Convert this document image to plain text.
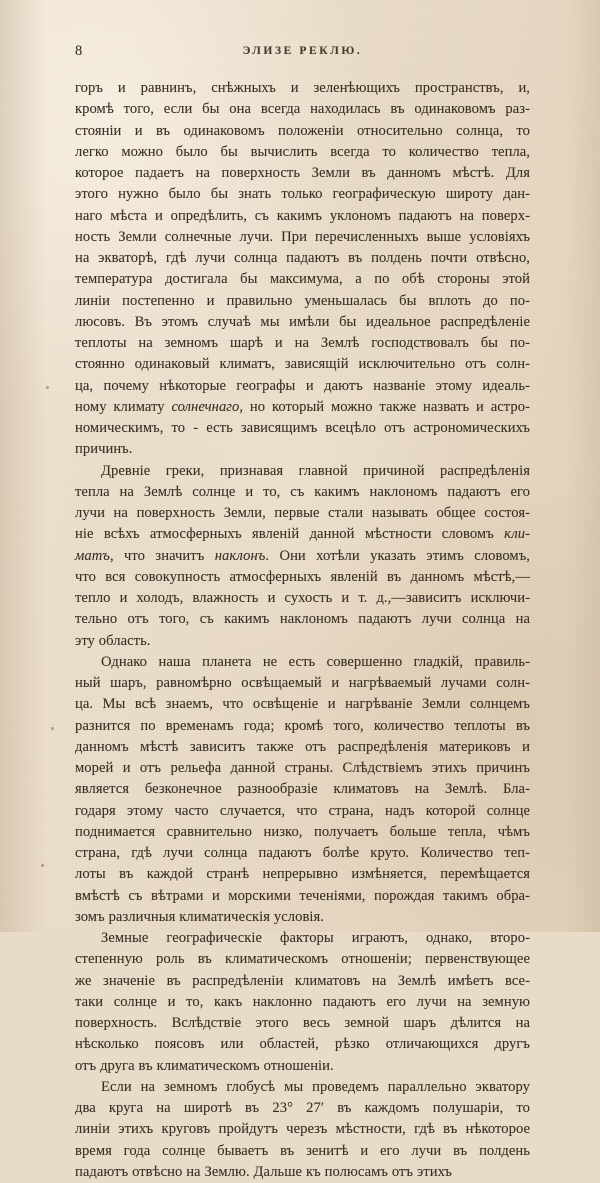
8	ЭЛИЗЕ РЕКЛЮ.

горъ и равнинъ, снѣжныхъ и зеленѣющихъ пространствъ, и,
кромѣ того, если бы она всегда находилась въ одинаковомъ раз-
стоянiи и въ одинаковомъ положенiи относительно солнца, то
легко можно было бы вычислить всегда то количество тепла,
которое падаетъ на поверхность Земли въ данномъ мѣстѣ. Для
этого нужно было бы знать только географическую широту дан-
наго мѣста и опредѣлить, съ какимъ уклономъ падаютъ на поверх-
ность Земли солнечные лучи. При перечисленныхъ выше условiяхъ
на экваторѣ, гдѣ лучи солнца падаютъ въ полдень почти отвѣсно,
температура достигала бы максимума, а по обѣ стороны этой
линiи постепенно и правильно уменьшалась бы вплоть до по-
люсовъ. Въ этомъ случаѣ мы имѣли бы идеальное распредѣленiе
теплоты на земномъ шарѣ и на Землѣ господствовалъ бы по-
стоянно одинаковый климатъ, зависящiй исключительно отъ солн-
ца, почему нѣкоторые географы и даютъ названiе этому идеаль-
ному климату солнечнаго, но который можно также назвать и астро-
номическимъ, то - есть зависящимъ всецѣло отъ астрономическихъ
причинъ.

Древнiе греки, признавая главной причиной распредѣленiя
тепла на Землѣ солнце и то, съ какимъ наклономъ падаютъ его
лучи на поверхность Земли, первые стали называть общее состоя-
нiе всѣхъ атмосферныхъ явленiй данной мѣстности словомъ кли-
матъ, что значитъ наклонъ. Они хотѣли указать этимъ словомъ,
что вся совокупность атмосферныхъ явленiй въ данномъ мѣстѣ,—
тепло и холодъ, влажность и сухость и т. д.,—зависитъ исключи-
тельно отъ того, съ какимъ наклономъ падаютъ лучи солнца на
эту область.

Однако наша планета не есть совершенно гладкiй, правиль-
ный шаръ, равномѣрно освѣщаемый и нагрѣваемый лучами солн-
ца. Мы всѣ знаемъ, что освѣщенiе и нагрѣванiе Земли солнцемъ
разнится по временамъ года; кромѣ того, количество теплоты въ
данномъ мѣстѣ зависитъ также отъ распредѣленiя материковъ и
морей и отъ рельефа данной страны. Слѣдствiемъ этихъ причинъ
является безконечное разнообразiе климатовъ на Землѣ. Бла-
годаря этому часто случается, что страна, надъ которой солнце
поднимается сравнительно низко, получаетъ больше тепла, чѣмъ
страна, гдѣ лучи солнца падаютъ болѣе круто. Количество теп-
лоты въ каждой странѣ непрерывно измѣняется, перемѣщается
вмѣстѣ съ вѣтрами и морскими теченiями, порождая такимъ обра-
зомъ различныя климатическiя условiя.

Земные географическiе факторы играютъ, однако, второ-
степенную роль въ климатическомъ отношенiи; первенствующее
же значенiе въ распредѣленiи климатовъ на Землѣ имѣетъ все-
таки солнце и то, какъ наклонно падаютъ его лучи на земную
поверхность. Вслѣдствiе этого весь земной шаръ дѣлится на
нѣсколько поясовъ или областей, рѣзко отличающихся другъ
отъ друга въ климатическомъ отношенiи.

Если на земномъ глобусѣ мы проведемъ параллельно экватору
два круга на широтѣ въ 23° 27′ въ каждомъ полушарiи, то
линiи этихъ круговъ пройдутъ черезъ мѣстности, гдѣ въ нѣкоторое
время года солнце бываетъ въ зенитѣ и его лучи въ полдень
падаютъ отвѣсно на Землю. Дальше къ полюсамъ отъ этихъ
